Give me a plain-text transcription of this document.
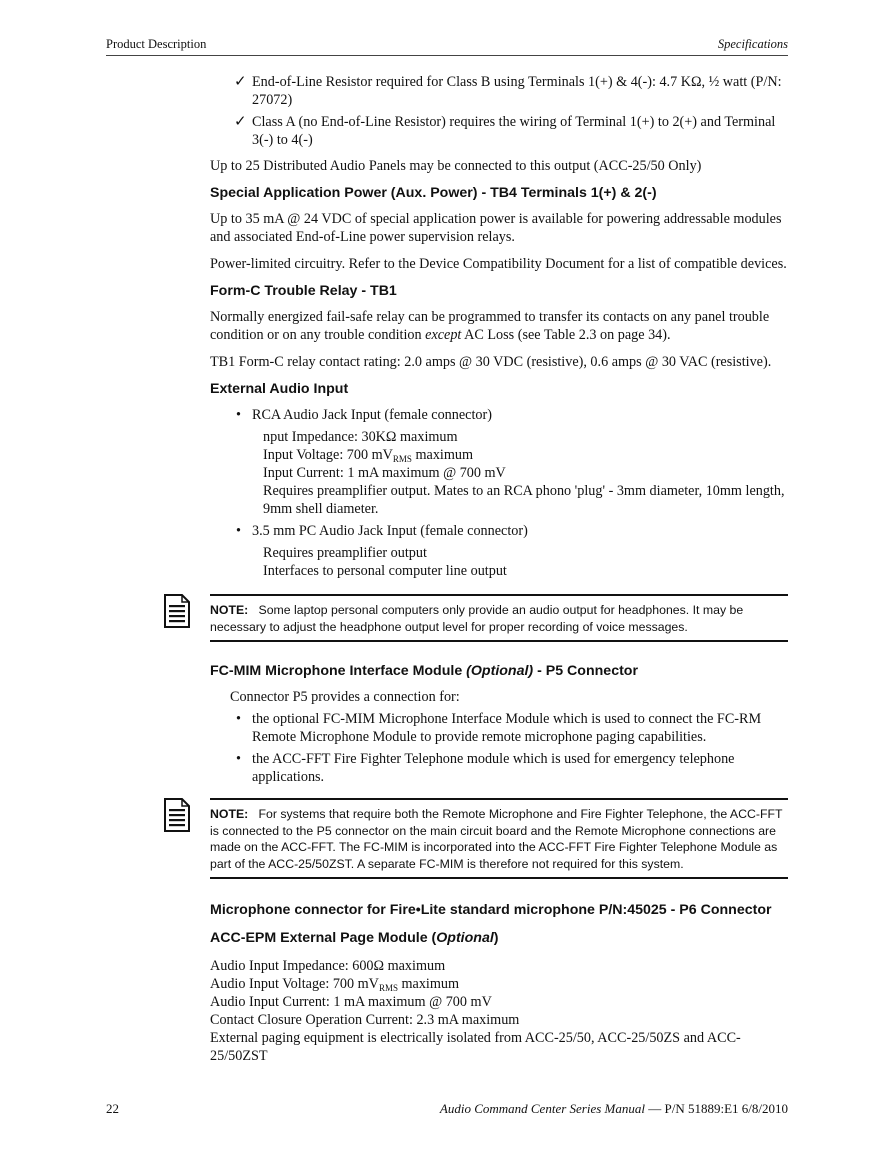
Product Description	Specifications
✓ End-of-Line Resistor required for Class B using Terminals 1(+) & 4(-): 4.7 KΩ, ½ watt (P/N: 27072)
✓ Class A (no End-of-Line Resistor) requires the wiring of Terminal 1(+) to 2(+) and Terminal 3(-) to 4(-)

Up to 25 Distributed Audio Panels may be connected to this output (ACC-25/50 Only)

Special Application Power (Aux. Power) - TB4 Terminals 1(+) & 2(-)

Up to 35 mA @ 24 VDC of special application power is available for powering addressable modules and associated End-of-Line power supervision relays.

Power-limited circuitry. Refer to the Device Compatibility Document for a list of compatible devices.

Form-C Trouble Relay - TB1

Normally energized fail-safe relay can be programmed to transfer its contacts on any panel trouble condition or on any trouble condition except AC Loss (see Table 2.3 on page 34).

TB1 Form-C relay contact rating: 2.0 amps @ 30 VDC (resistive), 0.6 amps @ 30 VAC (resistive).

External Audio Input
• RCA Audio Jack Input (female connector)
nput Impedance: 30KΩ maximum
Input Voltage: 700 $mV_{RMS}$ maximum
Input Current: 1 mA maximum @ 700 mV
Requires preamplifier output. Mates to an RCA phono 'plug' - 3mm diameter, 10mm length, 9mm shell diameter.
• 3.5 mm PC Audio Jack Input (female connector)
Requires preamplifier output
Interfaces to personal computer line output
NOTE: Some laptop personal computers only provide an audio output for headphones. It may be necessary to adjust the headphone output level for proper recording of voice messages.
FC-MIM Microphone Interface Module (Optional) - P5 Connector

Connector P5 provides a connection for:

• the optional FC-MIM Microphone Interface Module which is used to connect the FC-RM Remote Microphone Module to provide remote microphone paging capabilities.
• the ACC-FFT Fire Fighter Telephone module which is used for emergency telephone applications.
NOTE: For systems that require both the Remote Microphone and Fire Fighter Telephone, the ACC-FFT is connected to the P5 connector on the main circuit board and the Remote Microphone connections are made on the ACC-FFT. The FC-MIM is incorporated into the ACC-FFT Fire Fighter Telephone Module as part of the ACC-25/50ZST. A separate FC-MIM is therefore not required for this system.
Microphone connector for Fire•Lite standard microphone P/N:45025 - P6 Connector
ACC-EPM External Page Module (Optional)
Audio Input Impedance: 600Ω maximum
Audio Input Voltage: 700 $mV_{RMS}$ maximum
Audio Input Current: 1 mA maximum @ 700 mV
Contact Closure Operation Current: 2.3 mA maximum
External paging equipment is electrically isolated from ACC-25/50, ACC-25/50ZS and ACC-25/50ZST
22	Audio Command Center Series Manual — P/N 51889:E1 6/8/2010
